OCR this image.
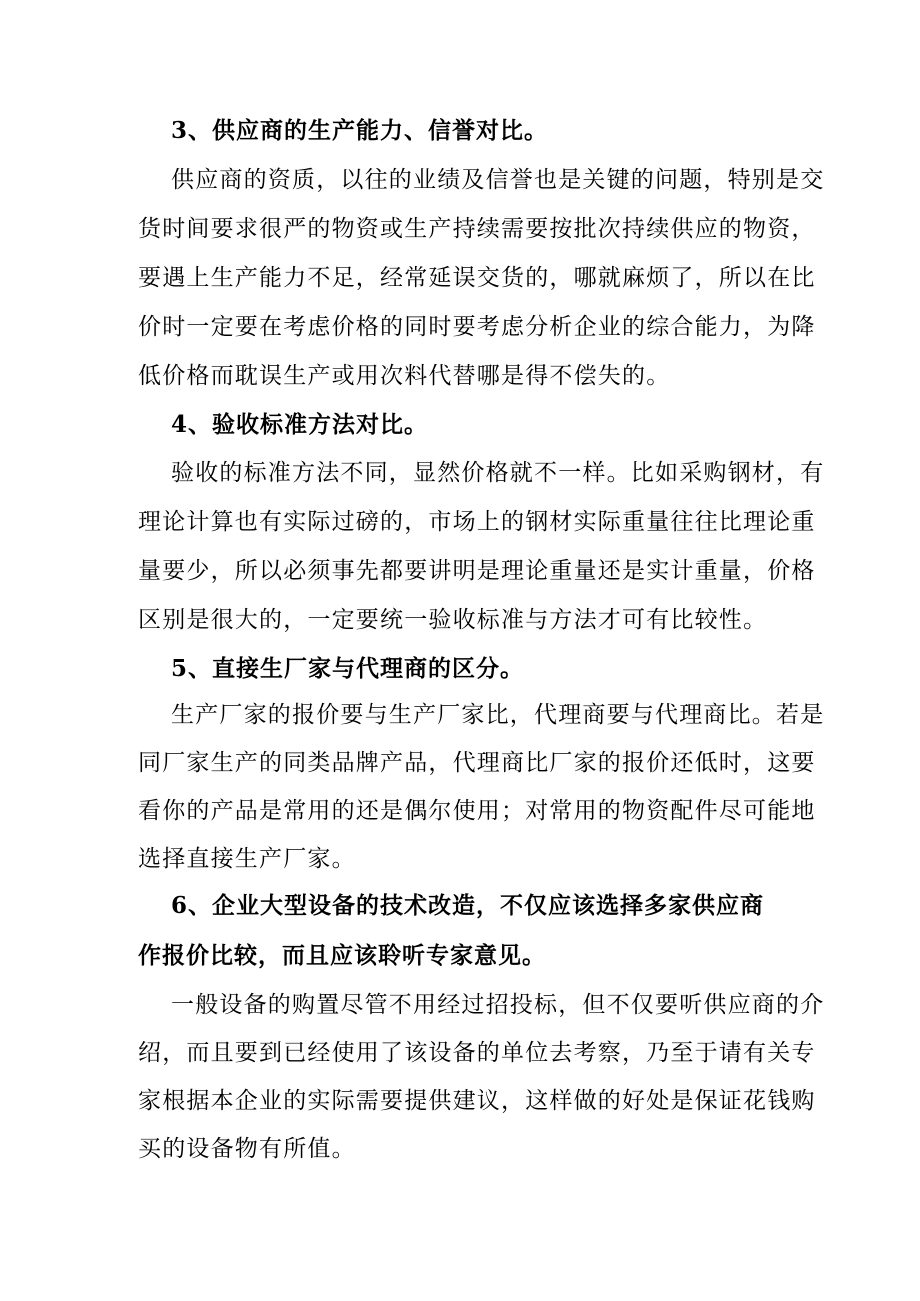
3、供应商的生产能力、信誉对比。
供应商的资质，以往的业绩及信誉也是关键的问题，特别是交
货时间要求很严的物资或生产持续需要按批次持续供应的物资，
要遇上生产能力不足，经常延误交货的，哪就麻烦了，所以在比
价时一定要在考虑价格的同时要考虑分析企业的综合能力，为降
低价格而耽误生产或用次料代替哪是得不偿失的。
4、验收标准方法对比。
验收的标准方法不同，显然价格就不一样。比如采购钢材，有
理论计算也有实际过磅的，市场上的钢材实际重量往往比理论重
量要少，所以必须事先都要讲明是理论重量还是实计重量，价格
区别是很大的，一定要统一验收标准与方法才可有比较性。
5、直接生厂家与代理商的区分。
生产厂家的报价要与生产厂家比，代理商要与代理商比。若是
同厂家生产的同类品牌产品，代理商比厂家的报价还低时，这要
看你的产品是常用的还是偶尔使用；对常用的物资配件尽可能地
选择直接生产厂家。
6、企业大型设备的技术改造，不仅应该选择多家供应商
作报价比较，而且应该聆听专家意见。
一般设备的购置尽管不用经过招投标，但不仅要听供应商的介
绍，而且要到已经使用了该设备的单位去考察，乃至于请有关专
家根据本企业的实际需要提供建议，这样做的好处是保证花钱购
买的设备物有所值。
